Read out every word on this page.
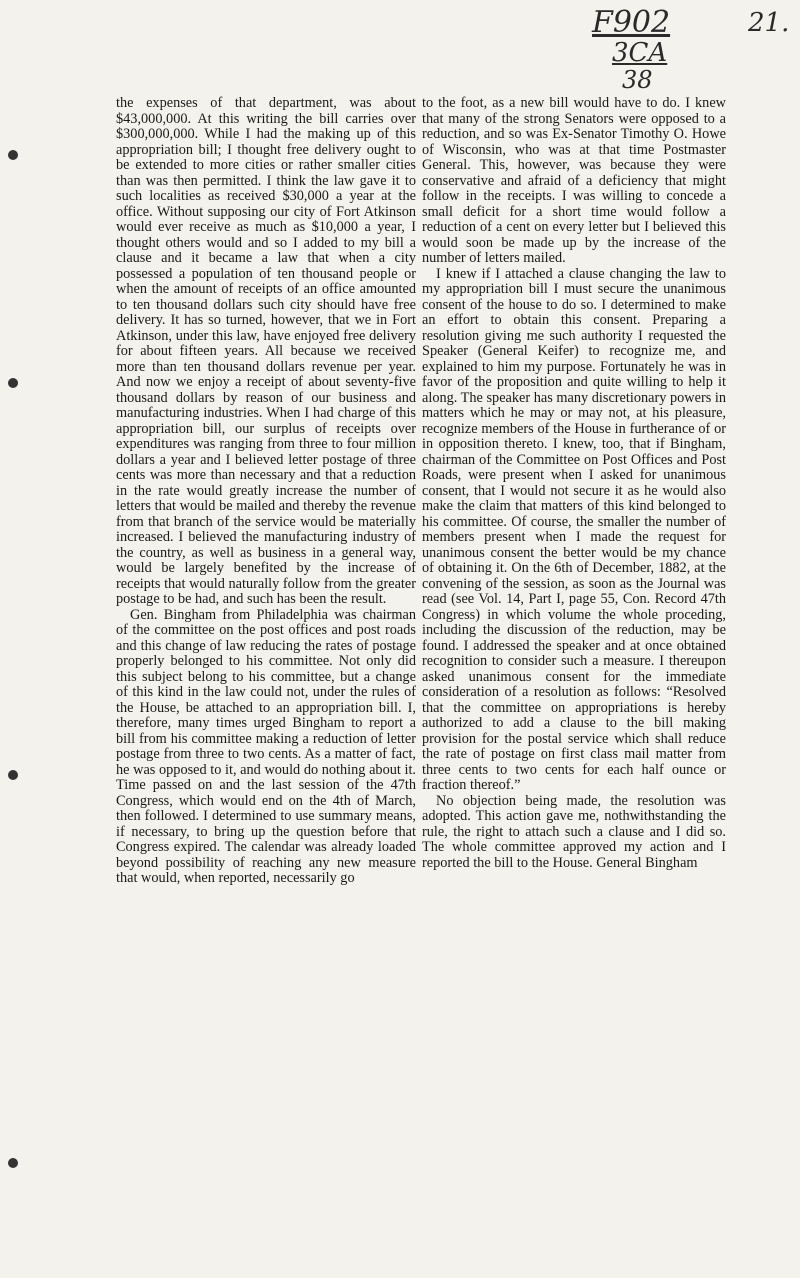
F902
3CA
38
21.

the expenses of that department, was about $43,000,000. At this writing the bill carries over $300,000,000. While I had the making up of this appropriation bill; I thought free delivery ought to be extended to more cities or rather smaller cities than was then permitted. I think the law gave it to such localities as received $30,000 a year at the office. Without supposing our city of Fort Atkinson would ever receive as much as $10,000 a year, I thought others would and so I added to my bill a clause and it became a law that when a city possessed a population of ten thousand people or when the amount of receipts of an office amounted to ten thousand dollars such city should have free delivery. It has so turned, however, that we in Fort Atkinson, under this law, have enjoyed free delivery for about fifteen years. All because we received more than ten thousand dollars revenue per year. And now we enjoy a receipt of about seventy-five thousand dollars by reason of our business and manufacturing industries. When I had charge of this appropriation bill, our surplus of receipts over expenditures was ranging from three to four million dollars a year and I believed letter postage of three cents was more than necessary and that a reduction in the rate would greatly increase the number of letters that would be mailed and thereby the revenue from that branch of the service would be materially increased. I believed the manufacturing industry of the country, as well as business in a general way, would be largely benefited by the increase of receipts that would naturally follow from the greater postage to be had, and such has been the result.

Gen. Bingham from Philadelphia was chairman of the committee on the post offices and post roads and this change of law reducing the rates of postage properly belonged to his committee. Not only did this subject belong to his committee, but a change of this kind in the law could not, under the rules of the House, be attached to an appropriation bill. I, therefore, many times urged Bingham to report a bill from his committee making a reduction of letter postage from three to two cents. As a matter of fact, he was opposed to it, and would do nothing about it. Time passed on and the last session of the 47th Congress, which would end on the 4th of March, then followed. I determined to use summary means, if necessary, to bring up the question before that Congress expired. The calendar was already loaded beyond possibility of reaching any new measure that would, when reported, necessarily go

to the foot, as a new bill would have to do. I knew that many of the strong Senators were opposed to a reduction, and so was Ex-Senator Timothy O. Howe of Wisconsin, who was at that time Postmaster General. This, however, was because they were conservative and afraid of a deficiency that might follow in the receipts. I was willing to concede a small deficit for a short time would follow a reduction of a cent on every letter but I believed this would soon be made up by the increase of the number of letters mailed.

I knew if I attached a clause changing the law to my appropriation bill I must secure the unanimous consent of the house to do so. I determined to make an effort to obtain this consent. Preparing a resolution giving me such authority I requested the Speaker (General Keifer) to recognize me, and explained to him my purpose. Fortunately he was in favor of the proposition and quite willing to help it along. The speaker has many discretionary powers in matters which he may or may not, at his pleasure, recognize members of the House in furtherance of or in opposition thereto. I knew, too, that if Bingham, chairman of the Committee on Post Offices and Post Roads, were present when I asked for unanimous consent, that I would not secure it as he would also make the claim that matters of this kind belonged to his committee. Of course, the smaller the number of members present when I made the request for unanimous consent the better would be my chance of obtaining it. On the 6th of December, 1882, at the convening of the session, as soon as the Journal was read (see Vol. 14, Part I, page 55, Con. Record 47th Congress) in which volume the whole proceding, including the discussion of the reduction, may be found. I addressed the speaker and at once obtained recognition to consider such a measure. I thereupon asked unanimous consent for the immediate consideration of a resolution as follows: “Resolved that the committee on appropriations is hereby authorized to add a clause to the bill making provision for the postal service which shall reduce the rate of postage on first class mail matter from three cents to two cents for each half ounce or fraction thereof.”

No objection being made, the resolution was adopted. This action gave me, nothwithstanding the rule, the right to attach such a clause and I did so. The whole committee approved my action and I reported the bill to the House. General Bingham
